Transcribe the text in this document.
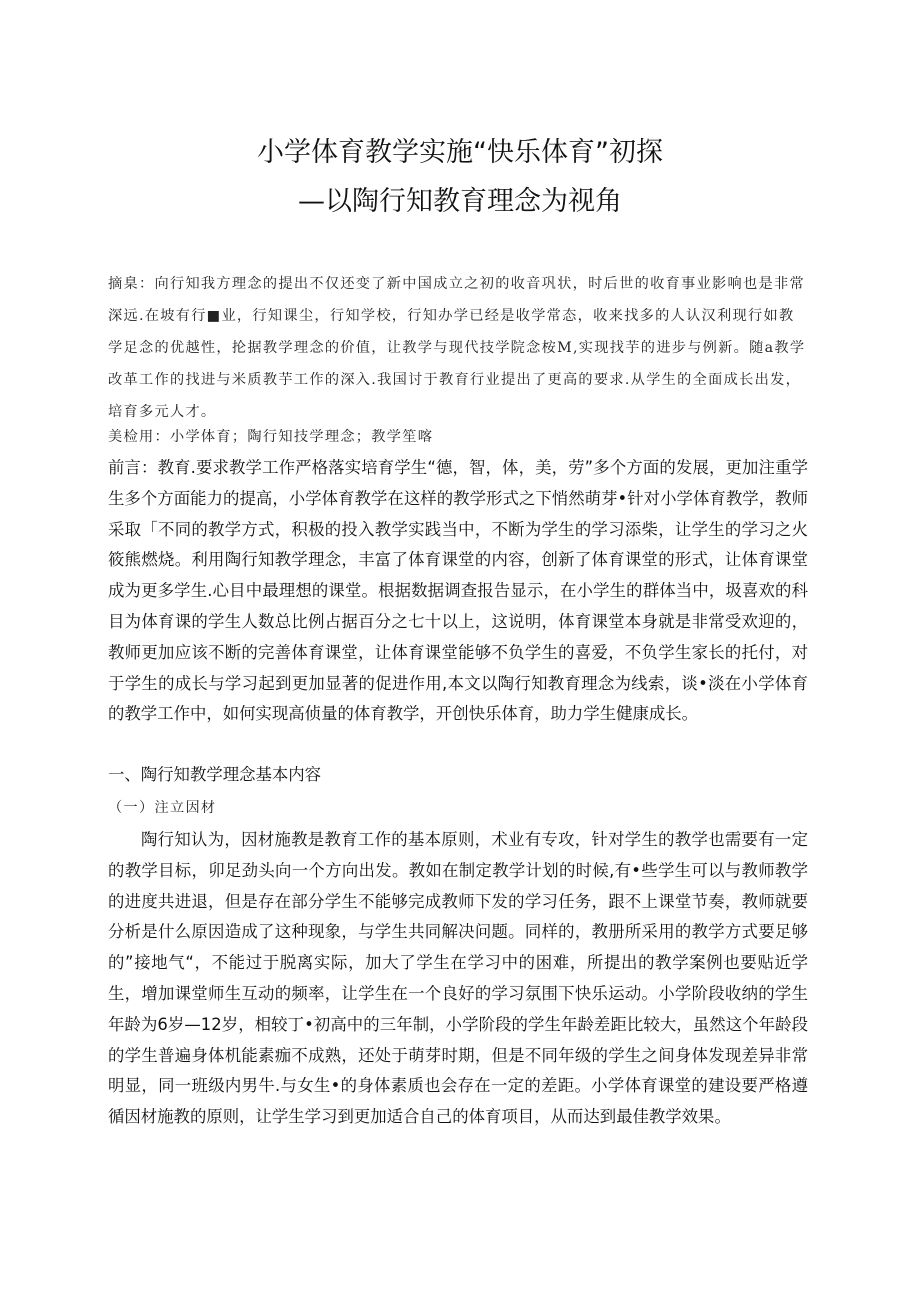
小学体育教学实施“快乐体育”初探
—以陶行知教育理念为视角
摘臬：向行知我方理念的提出不仅还变了新中国成立之初的收音巩状，时后世的收育事业影响也是非常深远.在坡有行■业，行知课尘，行知学校，行知办学已经是收学常态，收来找多的人认汉利现行如教学足念的优越性，抡据教学理念的价值，让教学与现代技学院念桉M,实现找芋的进步与例新。随a教学改革工作的找进与米质教芋工作的深入.我国讨于教育行业提出了更高的要求.从学生的全面成长出发，培育多元人才。
美检用：小学体育；陶行知技学理念；教学笙喀

前言：教育.要求教学工作严格落实培育学生“德，智，体，美，劳”多个方面的发展，更加注重学生多个方面能力的提高，小学体育教学在这样的教学形式之下悄然萌芽•针对小学体育教学，教师采取「不同的教学方式，积极的投入教学实践当中，不断为学生的学习添柴，让学生的学习之火筱熊燃烧。利用陶行知教学理念，丰富了体育课堂的内容，创新了体育课堂的形式，让体育课堂成为更多学生.心目中最理想的课堂。根据数据调查报告显示，在小学生的群体当中，圾喜欢的科目为体育课的学生人数总比例占据百分之七十以上，这说明，体育课堂本身就是非常受欢迎的，教师更加应该不断的完善体育课堂，让体育课堂能够不负学生的喜爱，不负学生家长的托付，对于学生的成长与学习起到更加显著的促进作用,本文以陶行知教育理念为线索，谈•淡在小学体育的教学工作中，如何实现高侦量的体育教学，开创快乐体育，助力学生健康成长。

一、陶行知教学理念基本内容
（一）注立因材

陶行知认为，因材施教是教育工作的基本原则，术业有专攻，针对学生的教学也需要有一定的教学目标，卯足劲头向一个方向出发。教如在制定教学计划的时候,有•些学生可以与教师教学的进度共进退，但是存在部分学生不能够完成教师下发的学习任务，跟不上课堂节奏，教师就要分析是什么原因造成了这种现象，与学生共同解决问题。同样的，教册所采用的教学方式要足够的”接地气“，不能过于脱离实际，加大了学生在学习中的困难，所提出的教学案例也要贴近学生，增加课堂师生互动的频率，让学生在一个良好的学习氛围下快乐运动。小学阶段收纳的学生年龄为6岁—12岁，相较丁•初高中的三年制，小学阶段的学生年龄差距比较大，虽然这个年龄段的学生普遍身体机能素痂不成熟，还处于萌芽时期，但是不同年级的学生之间身体发现差异非常明显，同一班级内男牛.与女生•的身体素质也会存在一定的差距。小学体育课堂的建设要严格遵循因材施教的原则，让学生学习到更加适合自己的体育项目，从而达到最佳教学效果。
